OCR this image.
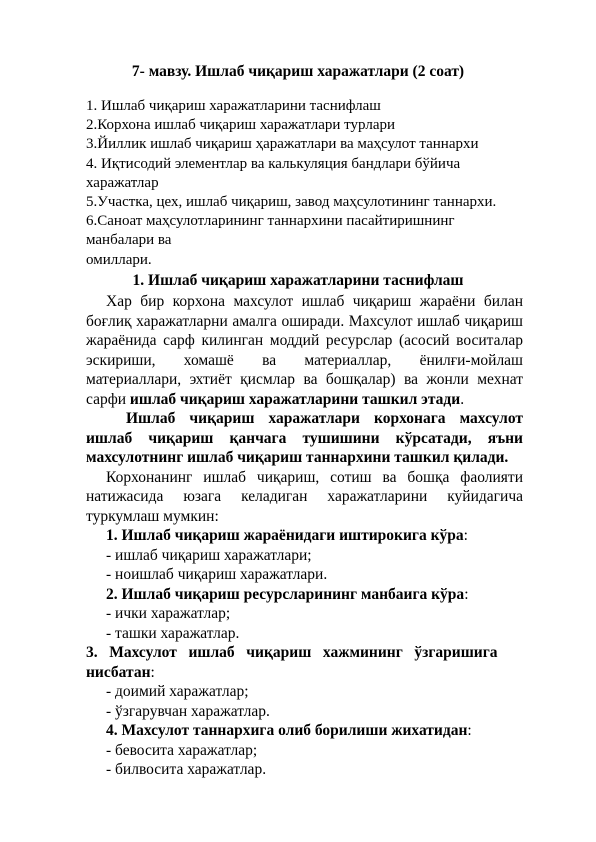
7- мавзу. Ишлаб чиқариш харажатлари (2 соат)
1. Ишлаб чиқариш харажатларини таснифлаш
2.Корхона ишлаб чиқариш харажатлари турлари
3.Йиллик ишлаб чиқариш ҳаражатлари ва маҳсулот таннархи
4. Иқтисодий элементлар ва калькуляция бандлари бўйича
харажатлар
5.Участка, цех, ишлаб чиқариш, завод маҳсулотининг таннархи.
6.Саноат маҳсулотларининг таннархини пасайтиришнинг
манбалари ва
омиллари.
1. Ишлаб чиқариш харажатларини таснифлаш

Хар бир корхона махсулот ишлаб чиқариш жараёни билан боғлиқ харажатларни амалга оширади. Махсулот ишлаб чиқариш жараёнида сарф килинган моддий ресурслар (асосий воситалар эскириши, хомашё ва материаллар, ёнилғи-мойлаш материаллари, эхтиёт қисмлар ва бошқалар) ва жонли мехнат сарфи ишлаб чиқариш харажатларини ташкил этади.

Ишлаб чиқариш харажатлари корхонага махсулот ишлаб чиқариш қанчага тушишини кўрсатади, яъни махсулотнинг ишлаб чиқариш таннархини ташкил қилади.

Корхонанинг ишлаб чиқариш, сотиш ва бошқа фаолияти натижасида юзага келадиган харажатларини куйидагича туркумлаш мумкин:

1. Ишлаб чиқариш жараёнидаги иштирокига кўра:
- ишлаб чиқариш харажатлари;
- ноишлаб чиқариш харажатлари.
2. Ишлаб чиқариш ресурсларининг манбаига кўра:
- ички харажатлар;
- ташки харажатлар.
3.   Махсулот   ишлаб   чиқариш   хажмининг   ўзгаришига
нисбатан:
- доимий харажатлар;
- ўзгарувчан харажатлар.
4. Махсулот таннархига олиб борилиши жихатидан:
- бевосита харажатлар;
- билвосита харажатлар.
